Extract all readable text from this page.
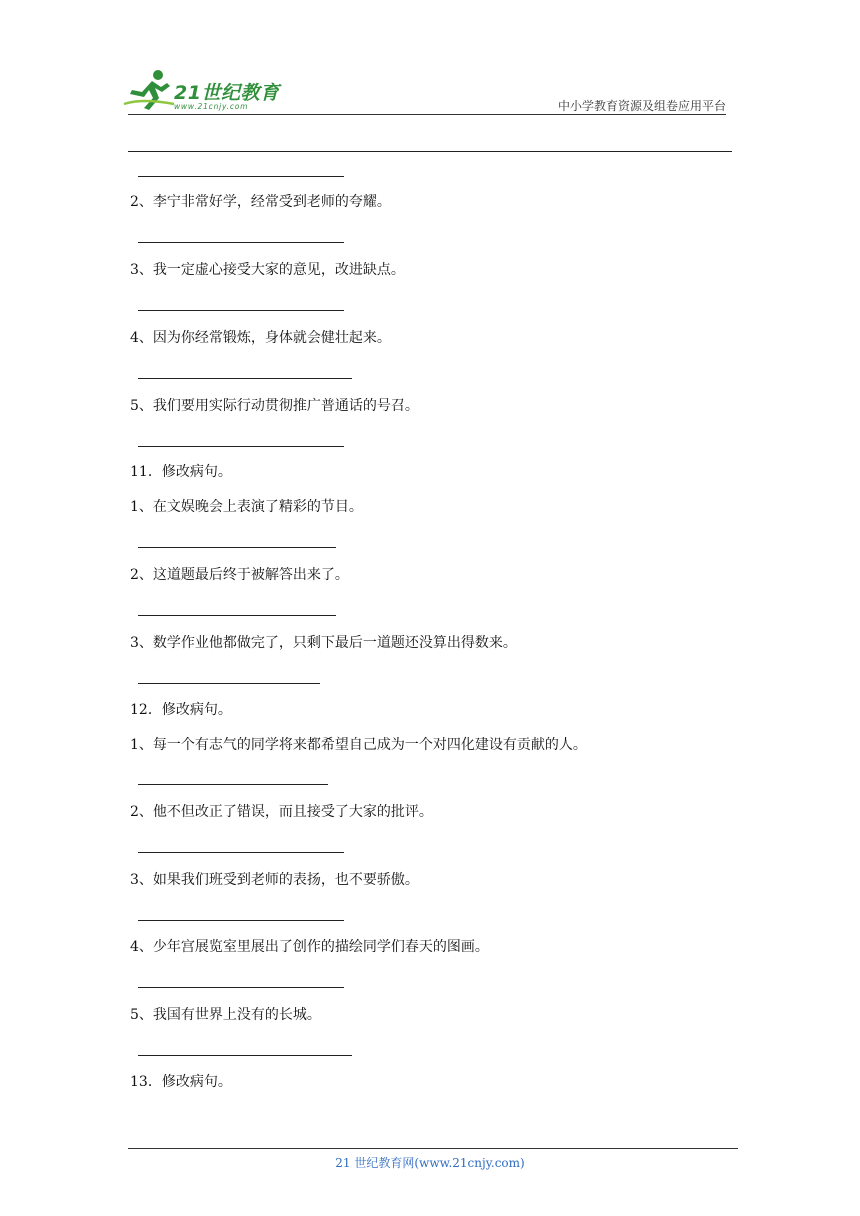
21世纪教育
www.21cnjy.com	中小学教育资源及组卷应用平台
2、李宁非常好学，经常受到老师的夸耀。
3、我一定虚心接受大家的意见，改进缺点。
4、因为你经常锻炼，身体就会健壮起来。
5、我们要用实际行动贯彻推广普通话的号召。
11．修改病句。
1、在文娱晚会上表演了精彩的节目。
2、这道题最后终于被解答出来了。
3、数学作业他都做完了，只剩下最后一道题还没算出得数来。
12．修改病句。
1、每一个有志气的同学将来都希望自己成为一个对四化建设有贡献的人。
2、他不但改正了错误，而且接受了大家的批评。
3、如果我们班受到老师的表扬，也不要骄傲。
4、少年宫展览室里展出了创作的描绘同学们春天的图画。
5、我国有世界上没有的长城。
13．修改病句。
21 世纪教育网(www.21cnjy.com)
